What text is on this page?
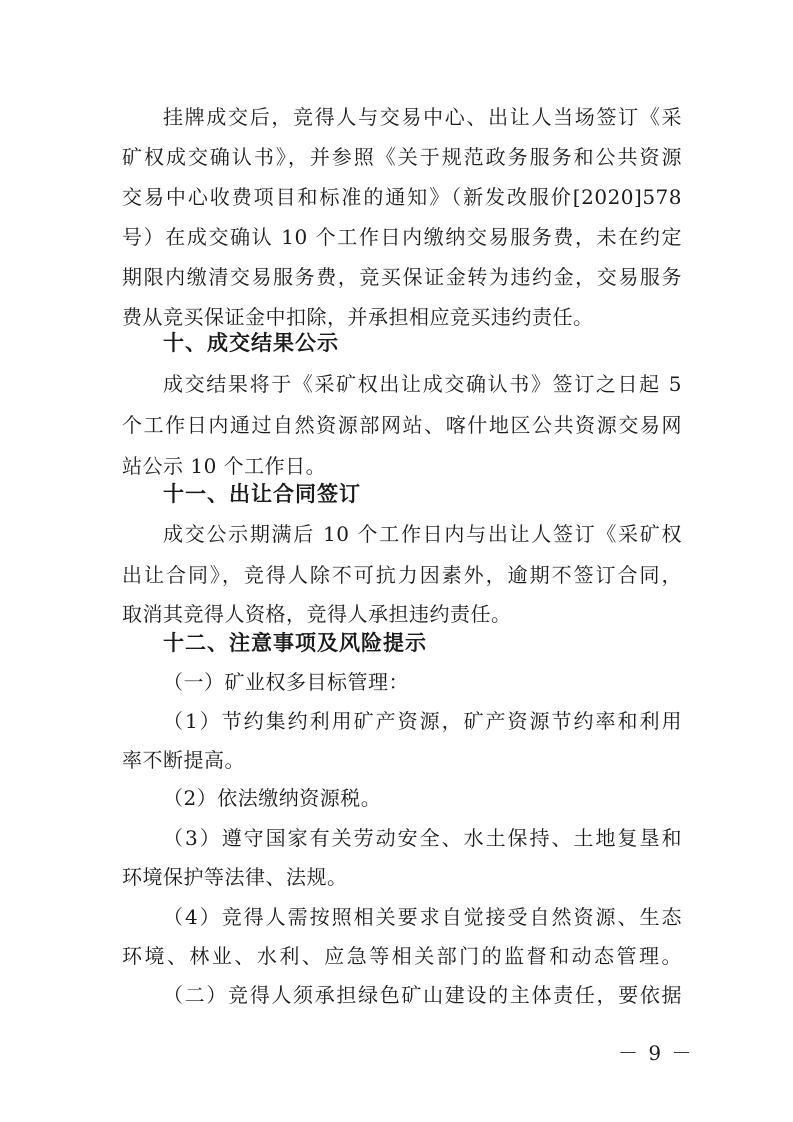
挂牌成交后，竞得人与交易中心、出让人当场签订《采
矿权成交确认书》，并参照《关于规范政务服务和公共资源
交易中心收费项目和标准的通知》（新发改服价[2020]578
号）在成交确认 10 个工作日内缴纳交易服务费，未在约定
期限内缴清交易服务费，竞买保证金转为违约金，交易服务
费从竞买保证金中扣除，并承担相应竞买违约责任。
十、成交结果公示
成交结果将于《采矿权出让成交确认书》签订之日起 5
个工作日内通过自然资源部网站、喀什地区公共资源交易网
站公示 10 个工作日。
十一、出让合同签订
成交公示期满后 10 个工作日内与出让人签订《采矿权
出让合同》，竞得人除不可抗力因素外，逾期不签订合同，
取消其竞得人资格，竞得人承担违约责任。
十二、注意事项及风险提示
（一）矿业权多目标管理：
（1）节约集约利用矿产资源，矿产资源节约率和利用
率不断提高。
（2）依法缴纳资源税。
（3）遵守国家有关劳动安全、水土保持、土地复垦和
环境保护等法律、法规。
（4）竞得人需按照相关要求自觉接受自然资源、生态
环境、林业、水利、应急等相关部门的监督和动态管理。
（二）竞得人须承担绿色矿山建设的主体责任，要依据
－ 9 －
